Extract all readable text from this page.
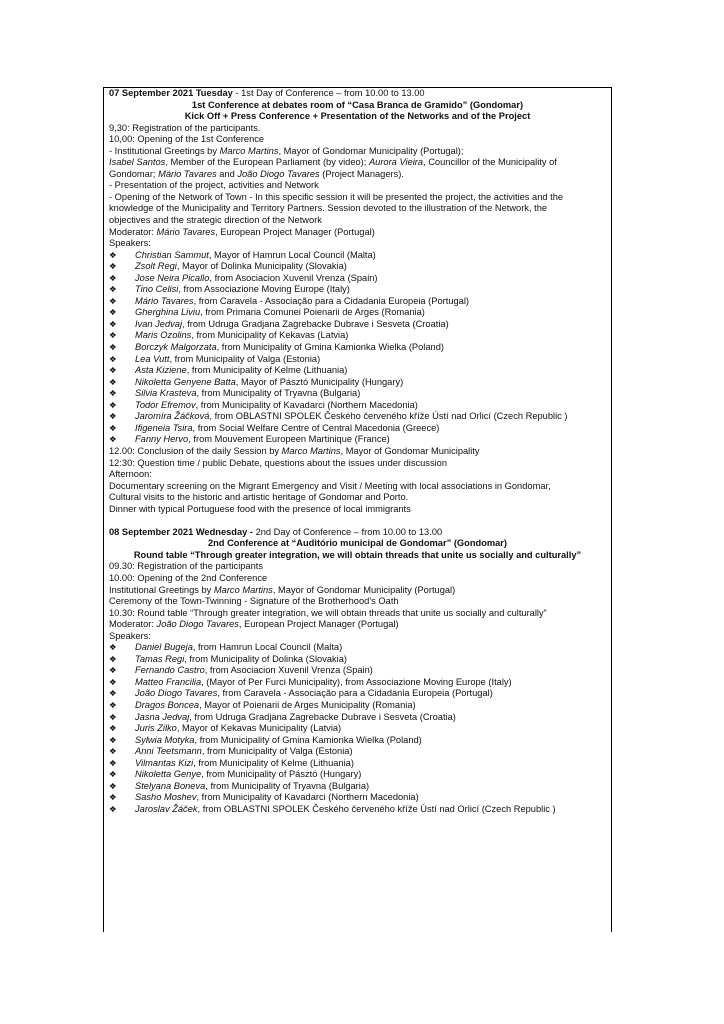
07 September 2021 Tuesday - 1st Day of Conference – from 10.00 to 13.00
1st Conference at debates room of “Casa Branca de Gramido” (Gondomar)
Kick Off + Press Conference + Presentation of the Networks and of the Project
9,30: Registration of the participants.
10,00: Opening of the 1st Conference
- Institutional Greetings by Marco Martins, Mayor of Gondomar Municipality (Portugal);
Isabel Santos, Member of the European Parliament (by video); Aurora Vieira, Councillor of the Municipality of
Gondomar; Mário Tavares and João Diogo Tavares (Project Managers).
- Presentation of the project, activities and Network
- Opening of the Network of Town - In this specific session it will be presented the project, the activities and the
knowledge of the Municipality and Territory Partners. Session devoted to the illustration of the Network, the
objectives and the strategic direction of the Network
Moderator: Mário Tavares, European Project Manager (Portugal)
Speakers:
❖	Christian Sammut , Mayor of Hamrun Local Council (Malta)
❖	Zsolt Regi , Mayor of Dolinka Municipality (Slovakia)
❖	Jose Neira Picallo , from Asociacion Xuvenil Vrenza (Spain)
❖	Tino Celisi , from Associazione Moving Europe (Italy)
❖	Mário Tavares , from Caravela - Associação para a Cidadania Europeia (Portugal)
❖	Gherghina Liviu , from Primaria Comunei Poienarii de Arges (Romania)
❖	Ivan Jedvaj , from Udruga Gradjana Zagrebacke Dubrave i Sesveta (Croatia)
❖	Maris Ozolins , from Municipality of Kekavas (Latvia)
❖	Borczyk Malgorzata , from Municipality of Gmina Kamionka Wielka (Poland)
❖	Lea Vutt , from Municipality of Valga (Estonia)
❖	Asta Kiziene , from Municipality of Kelme (Lithuania)
❖	Nikoletta Genyene Batta , Mayor of Pásztó Municipality (Hungary)
❖	Silvia Krasteva , from Municipality of Tryavna (Bulgaria)
❖	Todor Efremov , from Municipality of Kavadarci (Northern Macedonia)
❖	Jaromíra Žáčková , from OBLASTNI SPOLEK Českého červeného kříže Ústí nad Orlicí (Czech Republic )
❖	Ifigeneia Tsira , from Social Welfare Centre of Central Macedonia (Greece)
❖	Fanny Hervo , from Mouvement Europeen Martinique (France)
12.00: Conclusion of the daily Session by Marco Martins, Mayor of Gondomar Municipality
12:30: Question time / public Debate, questions about the issues under discussion
Afternoon:
Documentary screening on the Migrant Emergency and Visit / Meeting with local associations in Gondomar,
Cultural visits to the historic and artistic heritage of Gondomar and Porto.
Dinner with typical Portuguese food with the presence of local immigrants
08 September 2021 Wednesday - 2nd Day of Conference – from 10.00 to 13.00
2nd Conference at “Auditório municipal de Gondomar” (Gondomar)
Round table “Through greater integration, we will obtain threads that unite us socially and culturally”
09.30: Registration of the participants
10.00: Opening of the 2nd Conference
Institutional Greetings by Marco Martins, Mayor of Gondomar Municipality (Portugal)
Ceremony of the Town-Twinning - Signature of the Brotherhood’s Oath
10.30: Round table “Through greater integration, we will obtain threads that unite us socially and culturally”
Moderator: João Diogo Tavares, European Project Manager (Portugal)
Speakers:
❖	Daniel Bugeja , from Hamrun Local Council (Malta)
❖	Tamas Regi , from Municipality of Dolinka (Slovakia)
❖	Fernando Castro , from Asociacion Xuvenil Vrenza (Spain)
❖	Matteo Francilia , (Mayor of Per Furci Municipality), from Associazione Moving Europe (Italy)
❖	João Diogo Tavares , from Caravela - Associação para a Cidadania Europeia (Portugal)
❖	Dragos Boncea , Mayor of Poienarii de Arges Municipality (Romania)
❖	Jasna Jedvaj , from Udruga Gradjana Zagrebacke Dubrave i Sesveta (Croatia)
❖	Juris Zilko , Mayor of Kekavas Municipality (Latvia)
❖	Sylwia Motyka , from Municipality of Gmina Kamionka Wielka (Poland)
❖	Anni Teetsmann , from Municipality of Valga (Estonia)
❖	Vilmantas Kizi , from Municipality of Kelme (Lithuania)
❖	Nikoletta Genye , from Municipality of Pásztó (Hungary)
❖	Stelyana Boneva , from Municipality of Tryavna (Bulgaria)
❖	Sasho Moshev , from Municipality of Kavadarci (Northern Macedonia)
❖	Jaroslav Žáček , from OBLASTNI SPOLEK Českého červeného kříže Ústí nad Orlicí (Czech Republic )
